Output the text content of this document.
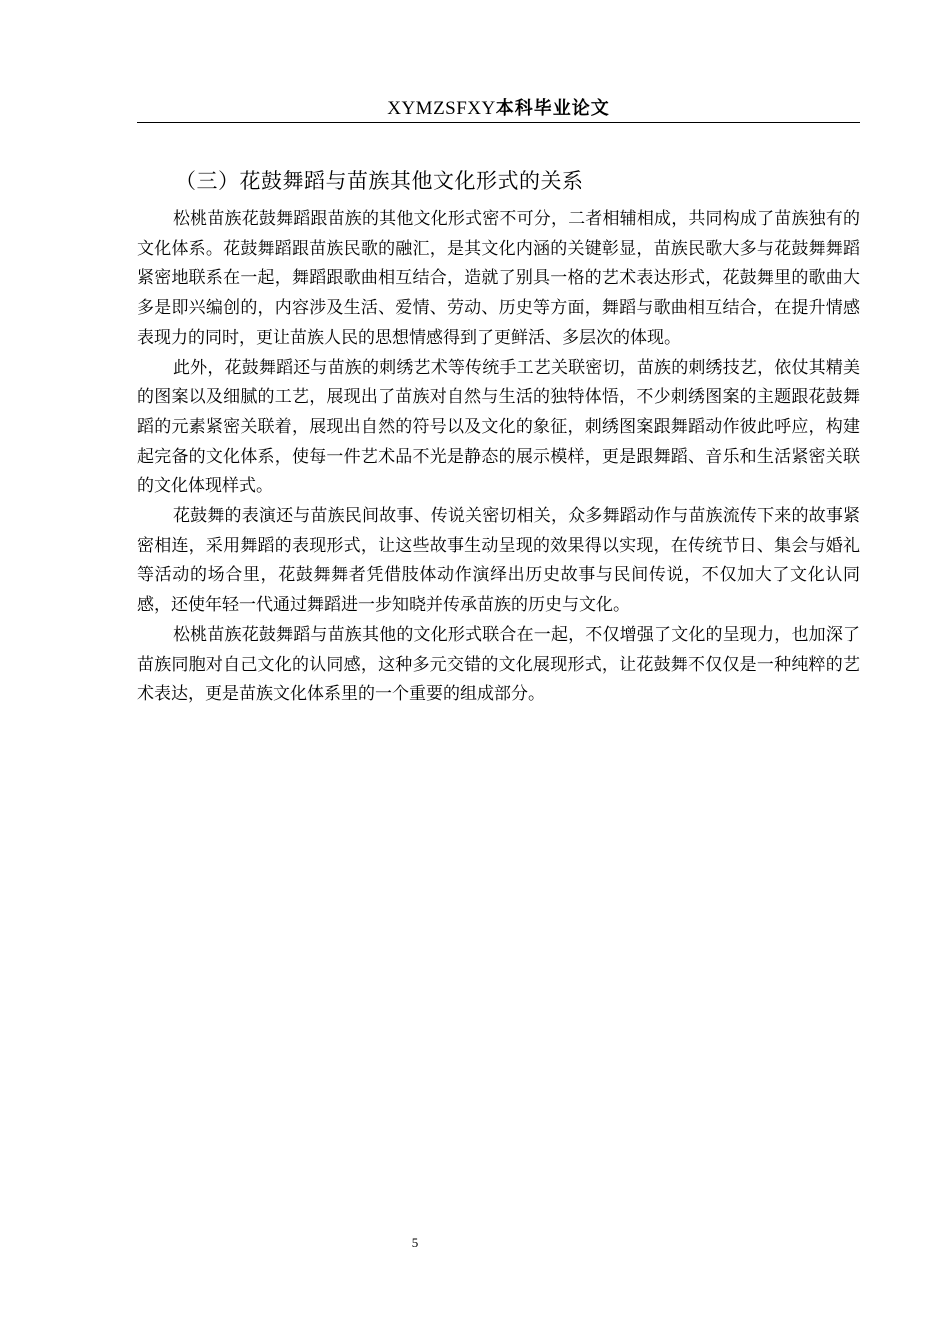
XYMZSFXY本科毕业论文
（三）花鼓舞蹈与苗族其他文化形式的关系

松桃苗族花鼓舞蹈跟苗族的其他文化形式密不可分，二者相辅相成，共同构成了苗族独有的文化体系。花鼓舞蹈跟苗族民歌的融汇，是其文化内涵的关键彰显，苗族民歌大多与花鼓舞舞蹈紧密地联系在一起，舞蹈跟歌曲相互结合，造就了别具一格的艺术表达形式，花鼓舞里的歌曲大多是即兴编创的，内容涉及生活、爱情、劳动、历史等方面，舞蹈与歌曲相互结合，在提升情感表现力的同时，更让苗族人民的思想情感得到了更鲜活、多层次的体现。

此外，花鼓舞蹈还与苗族的刺绣艺术等传统手工艺关联密切，苗族的刺绣技艺，依仗其精美的图案以及细腻的工艺，展现出了苗族对自然与生活的独特体悟，不少刺绣图案的主题跟花鼓舞蹈的元素紧密关联着，展现出自然的符号以及文化的象征，刺绣图案跟舞蹈动作彼此呼应，构建起完备的文化体系，使每一件艺术品不光是静态的展示模样，更是跟舞蹈、音乐和生活紧密关联的文化体现样式。

花鼓舞的表演还与苗族民间故事、传说关密切相关，众多舞蹈动作与苗族流传下来的故事紧密相连，采用舞蹈的表现形式，让这些故事生动呈现的效果得以实现，在传统节日、集会与婚礼等活动的场合里，花鼓舞舞者凭借肢体动作演绎出历史故事与民间传说，不仅加大了文化认同感，还使年轻一代通过舞蹈进一步知晓并传承苗族的历史与文化。

松桃苗族花鼓舞蹈与苗族其他的文化形式联合在一起，不仅增强了文化的呈现力，也加深了苗族同胞对自己文化的认同感，这种多元交错的文化展现形式，让花鼓舞不仅仅是一种纯粹的艺术表达，更是苗族文化体系里的一个重要的组成部分。

5
